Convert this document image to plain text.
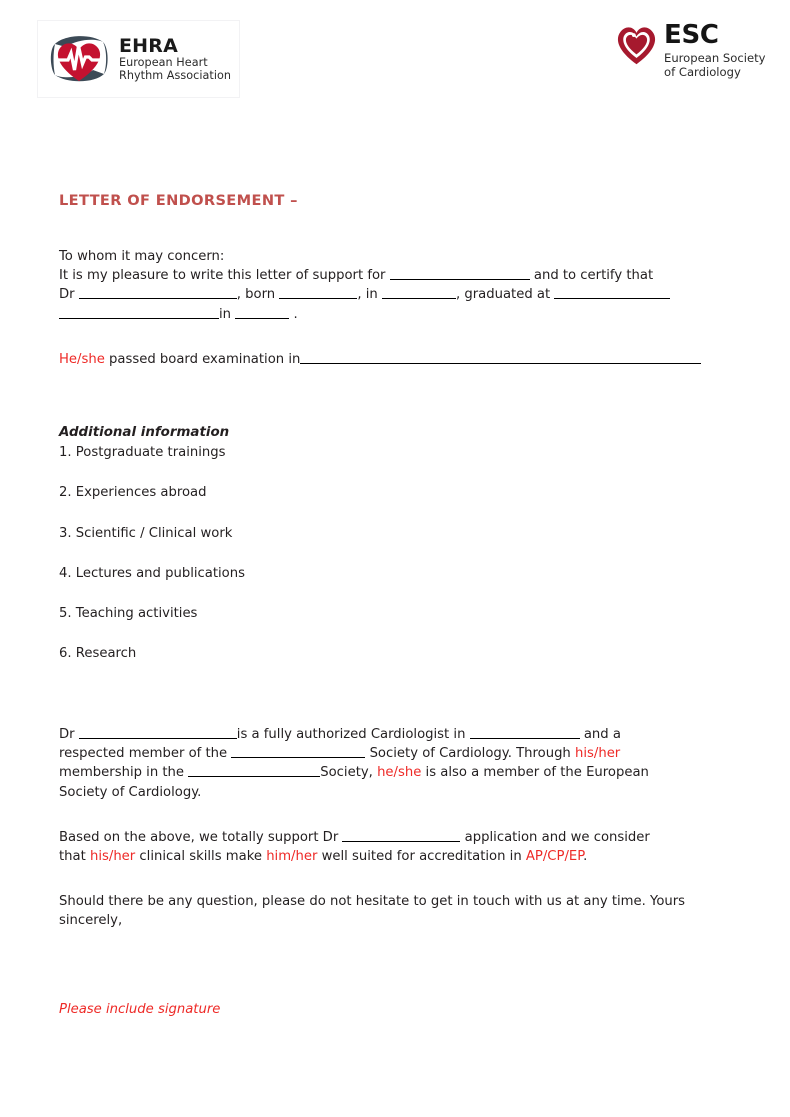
EHRA
European Heart
Rhythm Association
ESC
European Society
of Cardiology
LETTER OF ENDORSEMENT –

To whom it may concern:

It is my pleasure to write this letter of support for	and to certify that
Dr	, born	, in	, graduated at
in	.

He/she passed board examination in

Additional information

1. Postgraduate trainings

2. Experiences abroad

3. Scientific / Clinical work

4. Lectures and publications

5. Teaching activities

6. Research

Dr	is a fully authorized Cardiologist in	and a
respected member of the	Society of Cardiology. Through his/her
membership in the	Society, he/she is also a member of the European
Society of Cardiology.

Based on the above, we totally support Dr	application and we consider
that his/her clinical skills make him/her well suited for accreditation in AP/CP/EP.

Should there be any question, please do not hesitate to get in touch with us at any time. Yours sincerely,

Please include signature
